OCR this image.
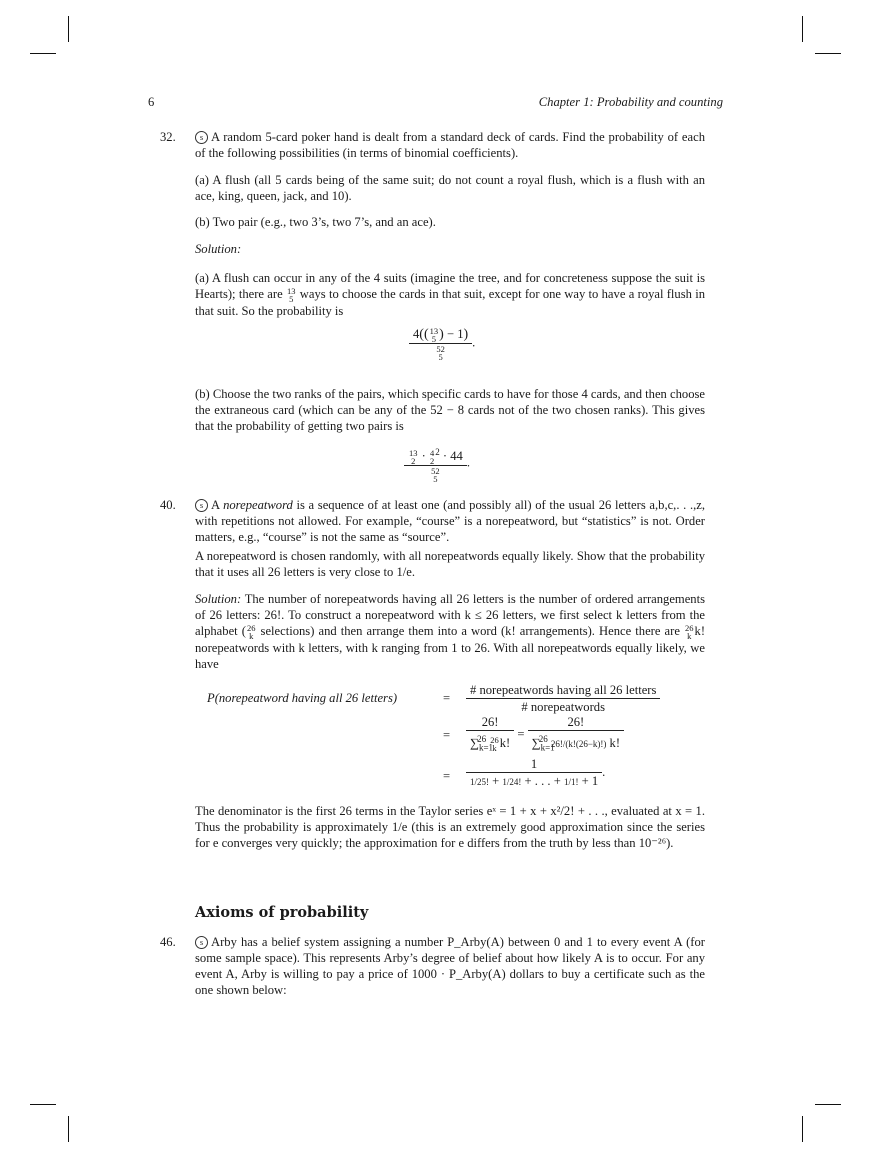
6	Chapter 1: Probability and counting
32.	s A random 5-card poker hand is dealt from a standard deck of cards. Find the probability of each of the following possibilities (in terms of binomial coefficients).
(a) A flush (all 5 cards being of the same suit; do not count a royal flush, which is a flush with an ace, king, queen, jack, and 10).
(b) Two pair (e.g., two 3’s, two 7’s, and an ace).
Solution:
(a) A flush can occur in any of the 4 suits (imagine the tree, and for concreteness suppose the suit is Hearts); there are 13
5 ways to choose the cards in that suit, except for one way to have a royal flush in that suit. So the probability is
4(( 13
5 ) − 1)
52
5 .
(b) Choose the two ranks of the pairs, which specific cards to have for those 4 cards, and then choose the extraneous card (which can be any of the 52 − 8 cards not of the two chosen ranks). This gives that the probability of getting two pairs is
13
2 · 4
2
$^2$ · 44
52
5 .
40.	s A norepeatword is a sequence of at least one (and possibly all) of the usual 26 letters a,b,c,. . .,z, with repetitions not allowed. For example, “course” is a norepeatword, but “statistics” is not. Order matters, e.g., “course” is not the same as “source”.
A norepeatword is chosen randomly, with all norepeatwords equally likely. Show that the probability that it uses all 26 letters is very close to 1/e.
Solution: The number of norepeatwords having all 26 letters is the number of ordered arrangements of 26 letters: 26!. To construct a norepeatword with k ≤ 26 letters, we first select k letters from the alphabet ( 26
k selections) and then arrange them into a word (k! arrangements). Hence there are 26
k k! norepeatwords with k letters, with k ranging from 1 to 26. With all norepeatwords equally likely, we have
P(norepeatword having all 26 letters)	= $\frac{\text{\# norepeatwords having all 26 letters}}{\text{\# norepeatwords}}$
= 26!
$\sum_{k=1}^{26}$ 26
k k! = $\frac{26!}{\sum_{k=1}^{26} 26!/(k!(26-k)!) k!}$
= $\frac{1}{1/25! + 1/24! + . . . + 1/1! + 1}$ .
The denominator is the first 26 terms in the Taylor series eˣ = 1 + x + x²/2! + . . ., evaluated at x = 1. Thus the probability is approximately 1/e (this is an extremely good approximation since the series for e converges very quickly; the approximation for e differs from the truth by less than 10⁻²⁶).
Axioms of probability
46.	s Arby has a belief system assigning a number P_Arby(A) between 0 and 1 to every event A (for some sample space). This represents Arby’s degree of belief about how likely A is to occur. For any event A, Arby is willing to pay a price of 1000 · P_Arby(A) dollars to buy a certificate such as the one shown below:
